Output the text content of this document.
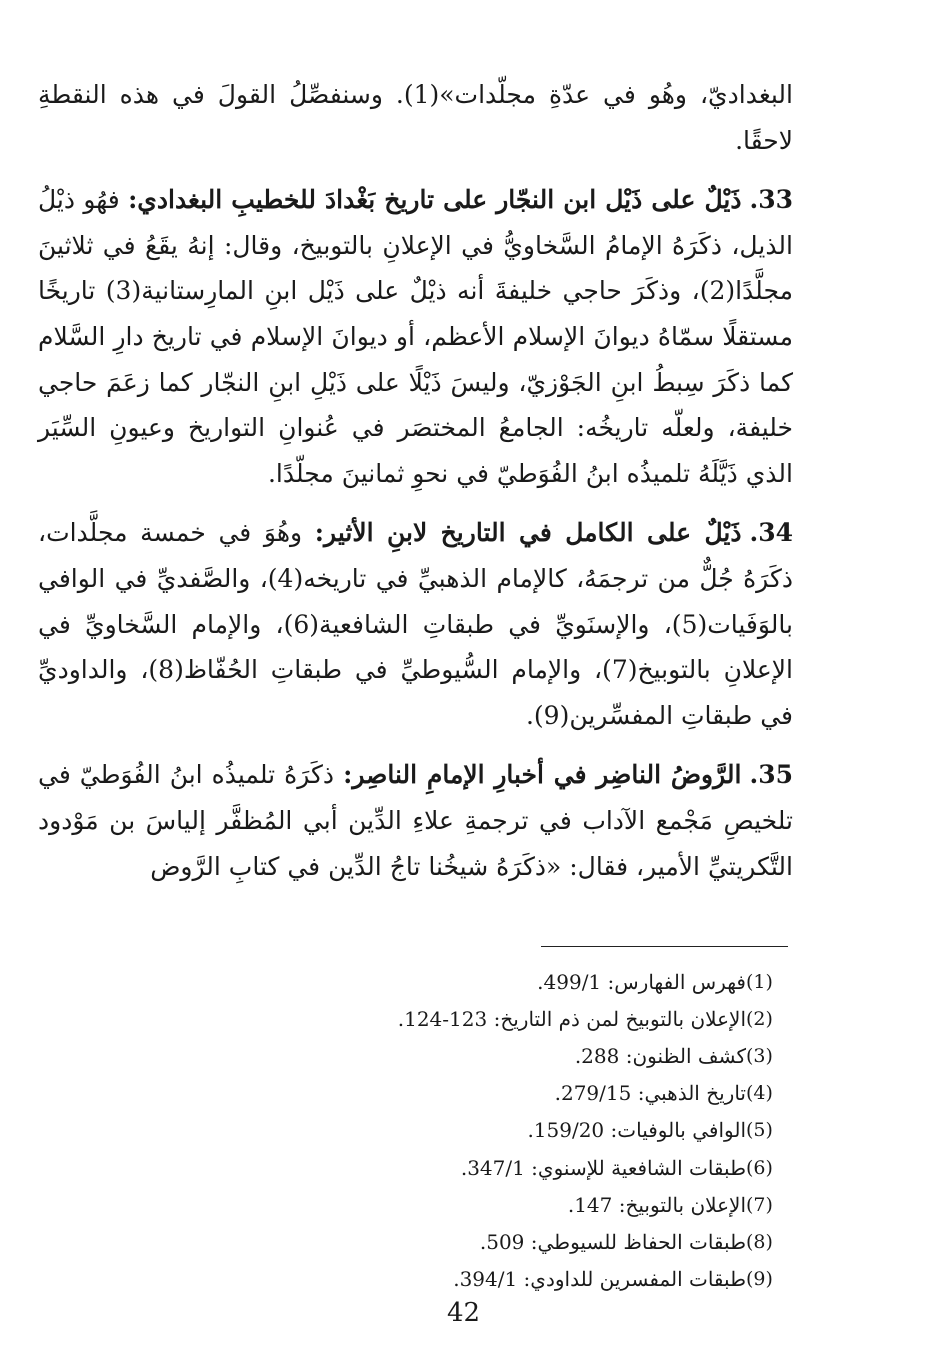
البغداديّ، وهُو في عدّةِ مجلّدات»(1). وسنفصِّلُ القولَ في هذه النقطةِ لاحقًا.

33.ذَيْلٌ على ذَيْل ابن النجّار على تاريخ بَغْدادَ للخطيبِ البغدادي: فهُو ذيْلُ الذيل، ذكَرَهُ الإمامُ السَّخاويُّ في الإعلانِ بالتوبيخ، وقال: إنهُ يقَعُ في ثلاثينَ مجلَّدًا(2)، وذكَرَ حاجي خليفةَ أنه ذيْلٌ على ذَيْل ابنِ المارِستانية(3) تاريخًا مستقلًا سمّاهُ ديوانَ الإسلام الأعظم، أو ديوانَ الإسلام في تاريخ دارِ السَّلام كما ذكَرَ سِبطُ ابنِ الجَوْزيّ، وليسَ ذَيْلًا على ذَيْلِ ابنِ النجّار كما زعَمَ حاجي خليفة، ولعلّه تاريخُه: الجامعُ المختصَر في عُنوانِ التواريخ وعيونِ السِّيَر الذي ذَيَّلَهُ تلميذُه ابنُ الفُوَطيّ في نحوِ ثمانينَ مجلّدًا.

34.ذَيْلٌ على الكامل في التاريخ لابنِ الأثير: وهُوَ في خمسة مجلَّدات، ذكَرَهُ جُلٌّ من ترجمَهُ، كالإمام الذهبيِّ في تاريخه(4)، والصَّفديِّ في الوافي بالوَفَيات(5)، والإسنَويِّ في طبقاتِ الشافعية(6)، والإمام السَّخاويِّ في الإعلانِ بالتوبيخ(7)، والإمام السُّيوطيِّ في طبقاتِ الحُفّاظ(8)، والداوديِّ في طبقاتِ المفسِّرين(9).

35.الرَّوضُ الناضِر في أخبارِ الإمامِ الناصِر: ذكَرَهُ تلميذُه ابنُ الفُوَطيّ في تلخيصِ مَجْمع الآداب في ترجمةِ علاءِ الدِّين أبي المُظفَّر إلياسَ بن مَوْدود التَّكريتيِّ الأمير، فقال: «ذكَرَهُ شيخُنا تاجُ الدِّين في كتابِ الرَّوض

(1)
فهرس الفهارس: 499/1.
(2)
الإعلان بالتوبيخ لمن ذم التاريخ: 123-124.
(3)
كشف الظنون: 288.
(4)
تاريخ الذهبي: 279/15.
(5)
الوافي بالوفيات: 159/20.
(6)
طبقات الشافعية للإسنوي: 347/1.
(7)
الإعلان بالتوبيخ: 147.
(8)
طبقات الحفاظ للسيوطي: 509.
(9)
طبقات المفسرين للداودي: 394/1.
42
